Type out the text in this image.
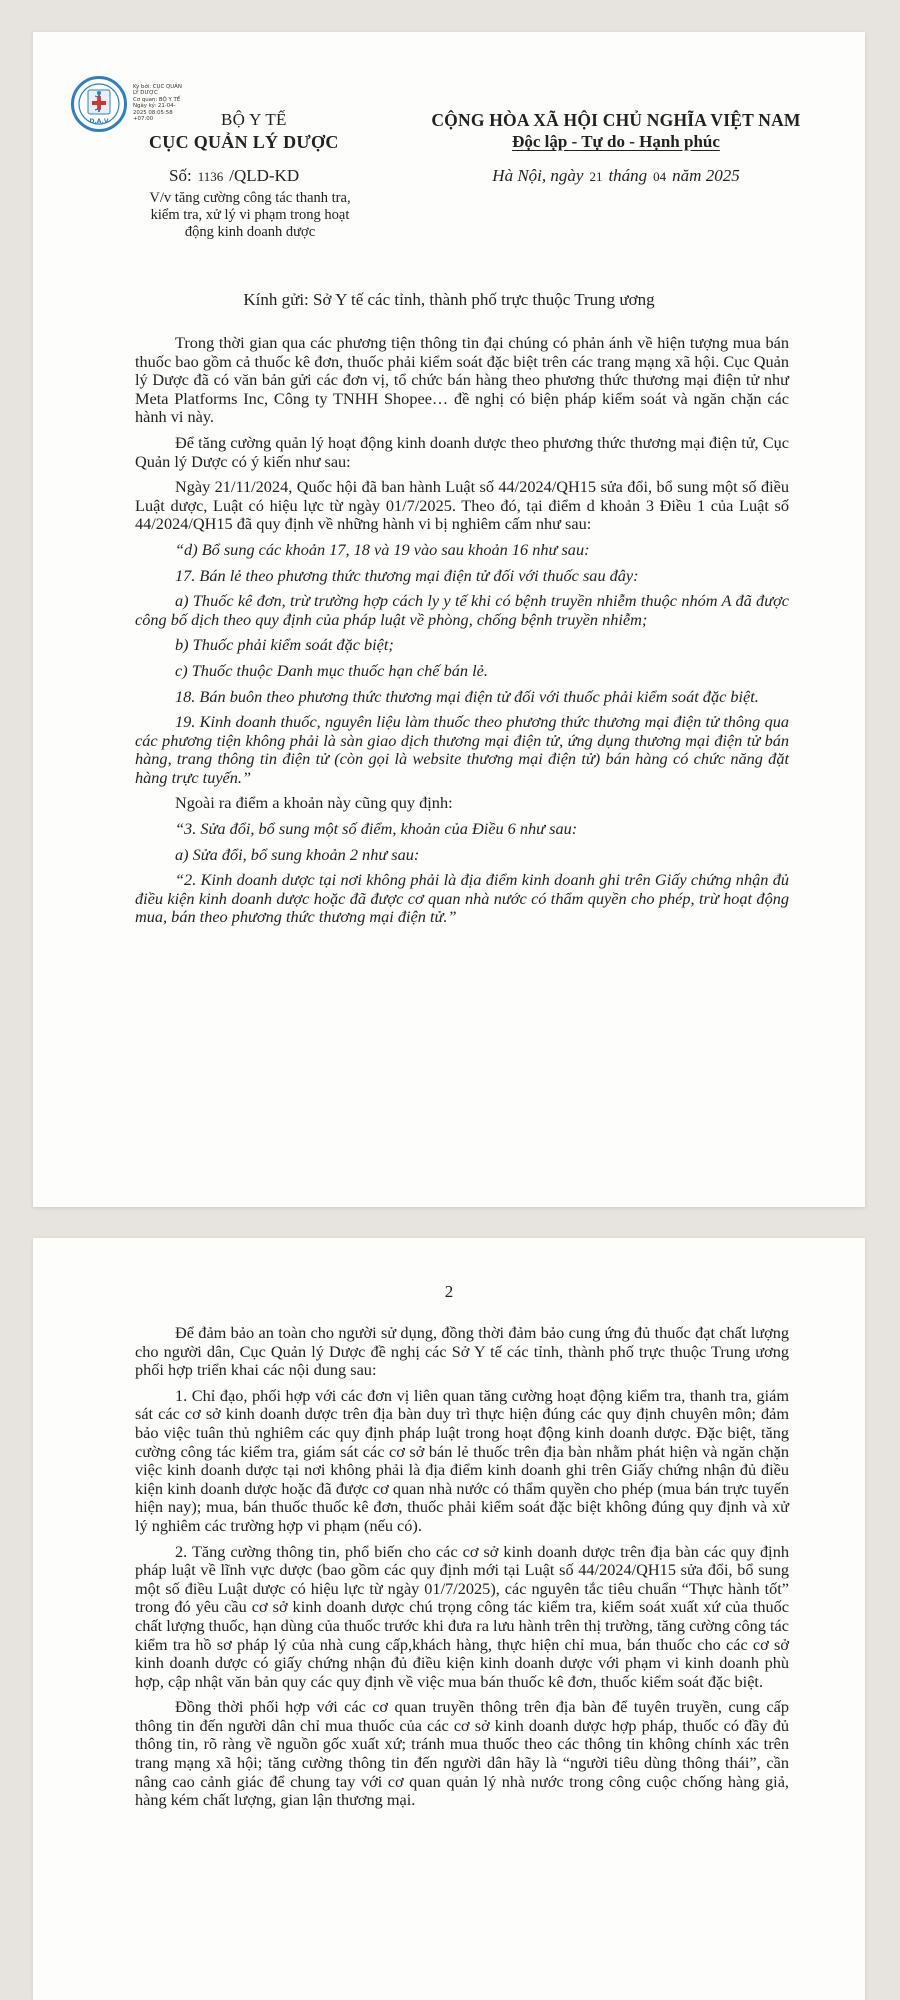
D.A.V
Ký bởi: CỤC QUẢN
LÝ DƯỢC
Cơ quan: BỘ Y TẾ
Ngày ký: 21-04-
2025 08:05:58
+07:00	BỘ Y TẾ
CỤC QUẢN LÝ DƯỢC
Số: 1136 /QLD-KD
V/v tăng cường công tác thanh tra, kiểm tra, xử lý vi phạm trong hoạt động kinh doanh dược
CỘNG HÒA XÃ HỘI CHỦ NGHĨA VIỆT NAM
Độc lập - Tự do - Hạnh phúc
Hà Nội, ngày 21 tháng 04 năm 2025
Kính gửi: Sở Y tế các tỉnh, thành phố trực thuộc Trung ương

Trong thời gian qua các phương tiện thông tin đại chúng có phản ánh về hiện tượng mua bán thuốc bao gồm cả thuốc kê đơn, thuốc phải kiểm soát đặc biệt trên các trang mạng xã hội. Cục Quản lý Dược đã có văn bản gửi các đơn vị, tổ chức bán hàng theo phương thức thương mại điện tử như Meta Platforms Inc, Công ty TNHH Shopee… đề nghị có biện pháp kiểm soát và ngăn chặn các hành vi này.

Để tăng cường quản lý hoạt động kinh doanh dược theo phương thức thương mại điện tử, Cục Quản lý Dược có ý kiến như sau:

Ngày 21/11/2024, Quốc hội đã ban hành Luật số 44/2024/QH15 sửa đổi, bổ sung một số điều Luật dược, Luật có hiệu lực từ ngày 01/7/2025. Theo đó, tại điểm d khoản 3 Điều 1 của Luật số 44/2024/QH15 đã quy định về những hành vi bị nghiêm cấm như sau:

“d) Bổ sung các khoản 17, 18 và 19 vào sau khoản 16 như sau:

17. Bán lẻ theo phương thức thương mại điện tử đối với thuốc sau đây:

a) Thuốc kê đơn, trừ trường hợp cách ly y tế khi có bệnh truyền nhiễm thuộc nhóm A đã được công bố dịch theo quy định của pháp luật về phòng, chống bệnh truyền nhiễm;

b) Thuốc phải kiểm soát đặc biệt;

c) Thuốc thuộc Danh mục thuốc hạn chế bán lẻ.

18. Bán buôn theo phương thức thương mại điện tử đối với thuốc phải kiểm soát đặc biệt.

19. Kinh doanh thuốc, nguyên liệu làm thuốc theo phương thức thương mại điện tử thông qua các phương tiện không phải là sàn giao dịch thương mại điện tử, ứng dụng thương mại điện tử bán hàng, trang thông tin điện tử (còn gọi là website thương mại điện tử) bán hàng có chức năng đặt hàng trực tuyến.”

Ngoài ra điểm a khoản này cũng quy định:

“3. Sửa đổi, bổ sung một số điểm, khoản của Điều 6 như sau:

a) Sửa đổi, bổ sung khoản 2 như sau:

“2. Kinh doanh dược tại nơi không phải là địa điểm kinh doanh ghi trên Giấy chứng nhận đủ điều kiện kinh doanh dược hoặc đã được cơ quan nhà nước có thẩm quyền cho phép, trừ hoạt động mua, bán theo phương thức thương mại điện tử.”

2

Để đảm bảo an toàn cho người sử dụng, đồng thời đảm bảo cung ứng đủ thuốc đạt chất lượng cho người dân, Cục Quản lý Dược đề nghị các Sở Y tế các tỉnh, thành phố trực thuộc Trung ương phối hợp triển khai các nội dung sau:

1. Chỉ đạo, phối hợp với các đơn vị liên quan tăng cường hoạt động kiểm tra, thanh tra, giám sát các cơ sở kinh doanh dược trên địa bàn duy trì thực hiện đúng các quy định chuyên môn; đảm bảo việc tuân thủ nghiêm các quy định pháp luật trong hoạt động kinh doanh dược. Đặc biệt, tăng cường công tác kiểm tra, giám sát các cơ sở bán lẻ thuốc trên địa bàn nhằm phát hiện và ngăn chặn việc kinh doanh dược tại nơi không phải là địa điểm kinh doanh ghi trên Giấy chứng nhận đủ điều kiện kinh doanh dược hoặc đã được cơ quan nhà nước có thẩm quyền cho phép (mua bán trực tuyến hiện nay); mua, bán thuốc thuốc kê đơn, thuốc phải kiểm soát đặc biệt không đúng quy định và xử lý nghiêm các trường hợp vi phạm (nếu có).

2. Tăng cường thông tin, phổ biến cho các cơ sở kinh doanh dược trên địa bàn các quy định pháp luật về lĩnh vực dược (bao gồm các quy định mới tại Luật số 44/2024/QH15 sửa đổi, bổ sung một số điều Luật dược có hiệu lực từ ngày 01/7/2025), các nguyên tắc tiêu chuẩn “Thực hành tốt” trong đó yêu cầu cơ sở kinh doanh dược chú trọng công tác kiểm tra, kiểm soát xuất xứ của thuốc chất lượng thuốc, hạn dùng của thuốc trước khi đưa ra lưu hành trên thị trường, tăng cường công tác kiểm tra hồ sơ pháp lý của nhà cung cấp,khách hàng, thực hiện chỉ mua, bán thuốc cho các cơ sở kinh doanh dược có giấy chứng nhận đủ điều kiện kinh doanh dược với phạm vi kinh doanh phù hợp, cập nhật văn bản quy các quy định về việc mua bán thuốc kê đơn, thuốc kiểm soát đặc biệt.

Đồng thời phối hợp với các cơ quan truyền thông trên địa bàn để tuyên truyền, cung cấp thông tin đến người dân chỉ mua thuốc của các cơ sở kinh doanh dược hợp pháp, thuốc có đầy đủ thông tin, rõ ràng về nguồn gốc xuất xứ; tránh mua thuốc theo các thông tin không chính xác trên trang mạng xã hội; tăng cường thông tin đến người dân hãy là “người tiêu dùng thông thái”, cần nâng cao cảnh giác để chung tay với cơ quan quản lý nhà nước trong công cuộc chống hàng giả, hàng kém chất lượng, gian lận thương mại.
